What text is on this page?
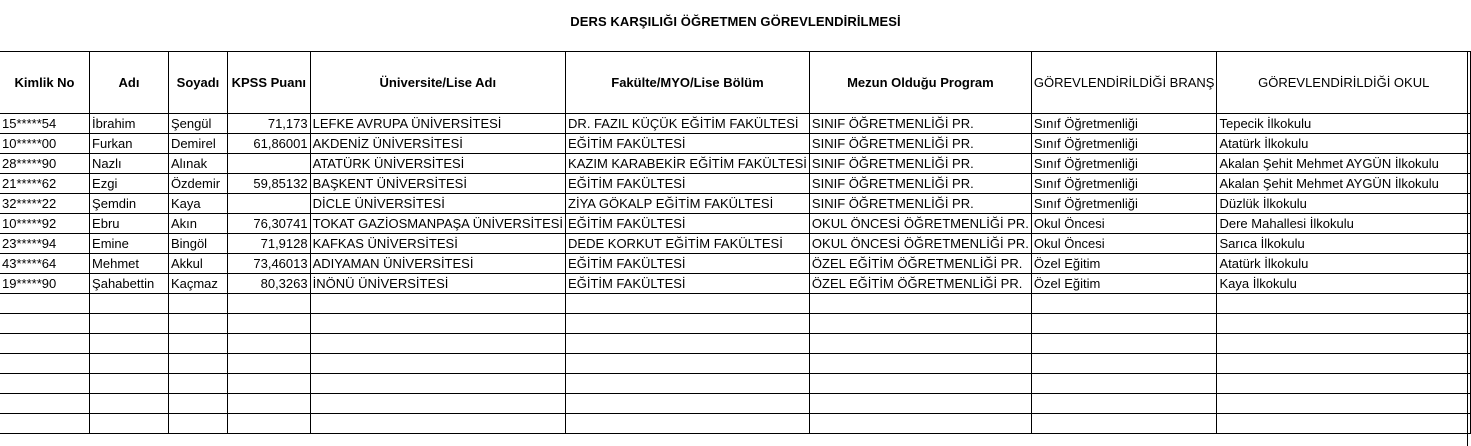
DERS KARŞILIĞI ÖĞRETMEN GÖREVLENDİRİLMESİ
Kimlik No	Adı	Soyadı	KPSS Puanı	Üniversite/Lise Adı	Fakülte/MYO/Lise Bölüm	Mezun Olduğu Program	GÖREVLENDİRİLDİĞİ BRANŞ	GÖREVLENDİRİLDİĞİ OKUL
15*****54	İbrahim	Şengül	71,173	LEFKE AVRUPA ÜNİVERSİTESİ	DR. FAZIL KÜÇÜK EĞİTİM FAKÜLTESİ	SINIF ÖĞRETMENLİĞİ PR.	Sınıf Öğretmenliği	Tepecik İlkokulu
10*****00	Furkan	Demirel	61,86001	AKDENİZ ÜNİVERSİTESİ	EĞİTİM FAKÜLTESİ	SINIF ÖĞRETMENLİĞİ PR.	Sınıf Öğretmenliği	Atatürk İlkokulu
28*****90	Nazlı	Alınak		ATATÜRK ÜNİVERSİTESİ	KAZIM KARABEKİR EĞİTİM FAKÜLTESİ	SINIF ÖĞRETMENLİĞİ PR.	Sınıf Öğretmenliği	Akalan Şehit Mehmet AYGÜN İlkokulu
21*****62	Ezgi	Özdemir	59,85132	BAŞKENT ÜNİVERSİTESİ	EĞİTİM FAKÜLTESİ	SINIF ÖĞRETMENLİĞİ PR.	Sınıf Öğretmenliği	Akalan Şehit Mehmet AYGÜN İlkokulu
32*****22	Şemdin	Kaya		DİCLE ÜNİVERSİTESİ	ZİYA GÖKALP EĞİTİM FAKÜLTESİ	SINIF ÖĞRETMENLİĞİ PR.	Sınıf Öğretmenliği	Düzlük İlkokulu
10*****92	Ebru	Akın	76,30741	TOKAT GAZİOSMANPAŞA ÜNİVERSİTESİ	EĞİTİM FAKÜLTESİ	OKUL ÖNCESİ ÖĞRETMENLİĞİ PR.	Okul Öncesi	Dere Mahallesi İlkokulu
23*****94	Emine	Bingöl	71,9128	KAFKAS ÜNİVERSİTESİ	DEDE KORKUT EĞİTİM FAKÜLTESİ	OKUL ÖNCESİ ÖĞRETMENLİĞİ PR.	Okul Öncesi	Sarıca İlkokulu
43*****64	Mehmet	Akkul	73,46013	ADIYAMAN ÜNİVERSİTESİ	EĞİTİM FAKÜLTESİ	ÖZEL EĞİTİM ÖĞRETMENLİĞİ PR.	Özel Eğitim	Atatürk İlkokulu
19*****90	Şahabettin	Kaçmaz	80,3263	İNÖNÜ ÜNİVERSİTESİ	EĞİTİM FAKÜLTESİ	ÖZEL EĞİTİM ÖĞRETMENLİĞİ PR.	Özel Eğitim	Kaya İlkokulu
